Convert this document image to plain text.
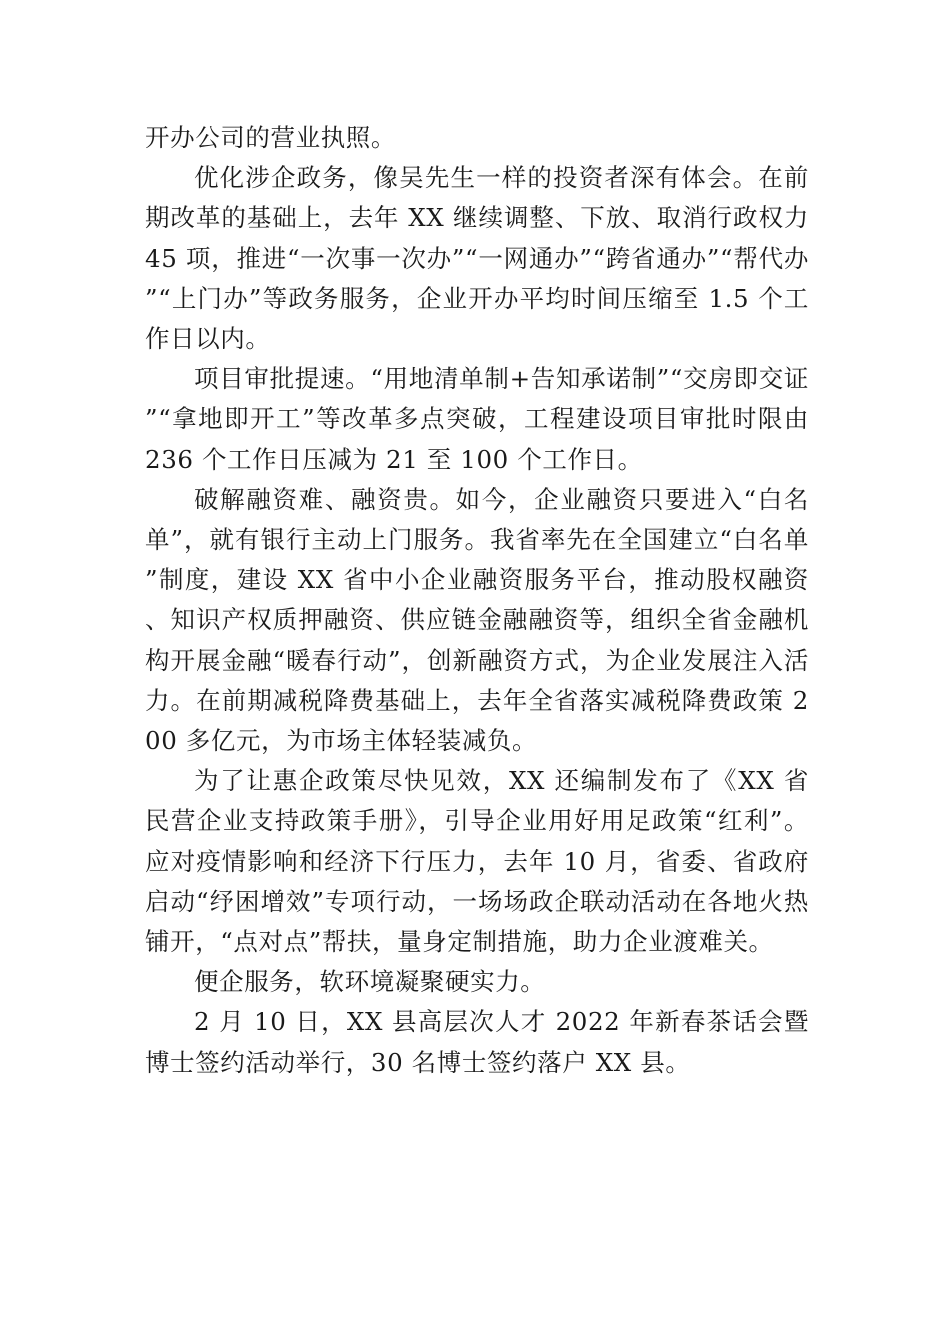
开办公司的营业执照。

优化涉企政务，像吴先生一样的投资者深有体会。在前期改革的基础上，去年 XX 继续调整、下放、取消行政权力 45 项，推进“一次事一次办”“一网通办”“跨省通办”“帮代办”“上门办”等政务服务，企业开办平均时间压缩至 1.5 个工作日以内。

项目审批提速。“用地清单制+告知承诺制”“交房即交证”“拿地即开工”等改革多点突破，工程建设项目审批时限由 236 个工作日压减为 21 至 100 个工作日。

破解融资难、融资贵。如今，企业融资只要进入“白名单”，就有银行主动上门服务。我省率先在全国建立“白名单”制度，建设 XX 省中小企业融资服务平台，推动股权融资、知识产权质押融资、供应链金融融资等，组织全省金融机构开展金融“暖春行动”，创新融资方式，为企业发展注入活力。在前期减税降费基础上，去年全省落实减税降费政策 200 多亿元，为市场主体轻装减负。

为了让惠企政策尽快见效，XX 还编制发布了《XX 省民营企业支持政策手册》，引导企业用好用足政策“红利”。应对疫情影响和经济下行压力，去年 10 月，省委、省政府启动“纾困增效”专项行动，一场场政企联动活动在各地火热铺开，“点对点”帮扶，量身定制措施，助力企业渡难关。

便企服务，软环境凝聚硬实力。

2 月 10 日，XX 县高层次人才 2022 年新春茶话会暨博士签约活动举行，30 名博士签约落户 XX 县。
